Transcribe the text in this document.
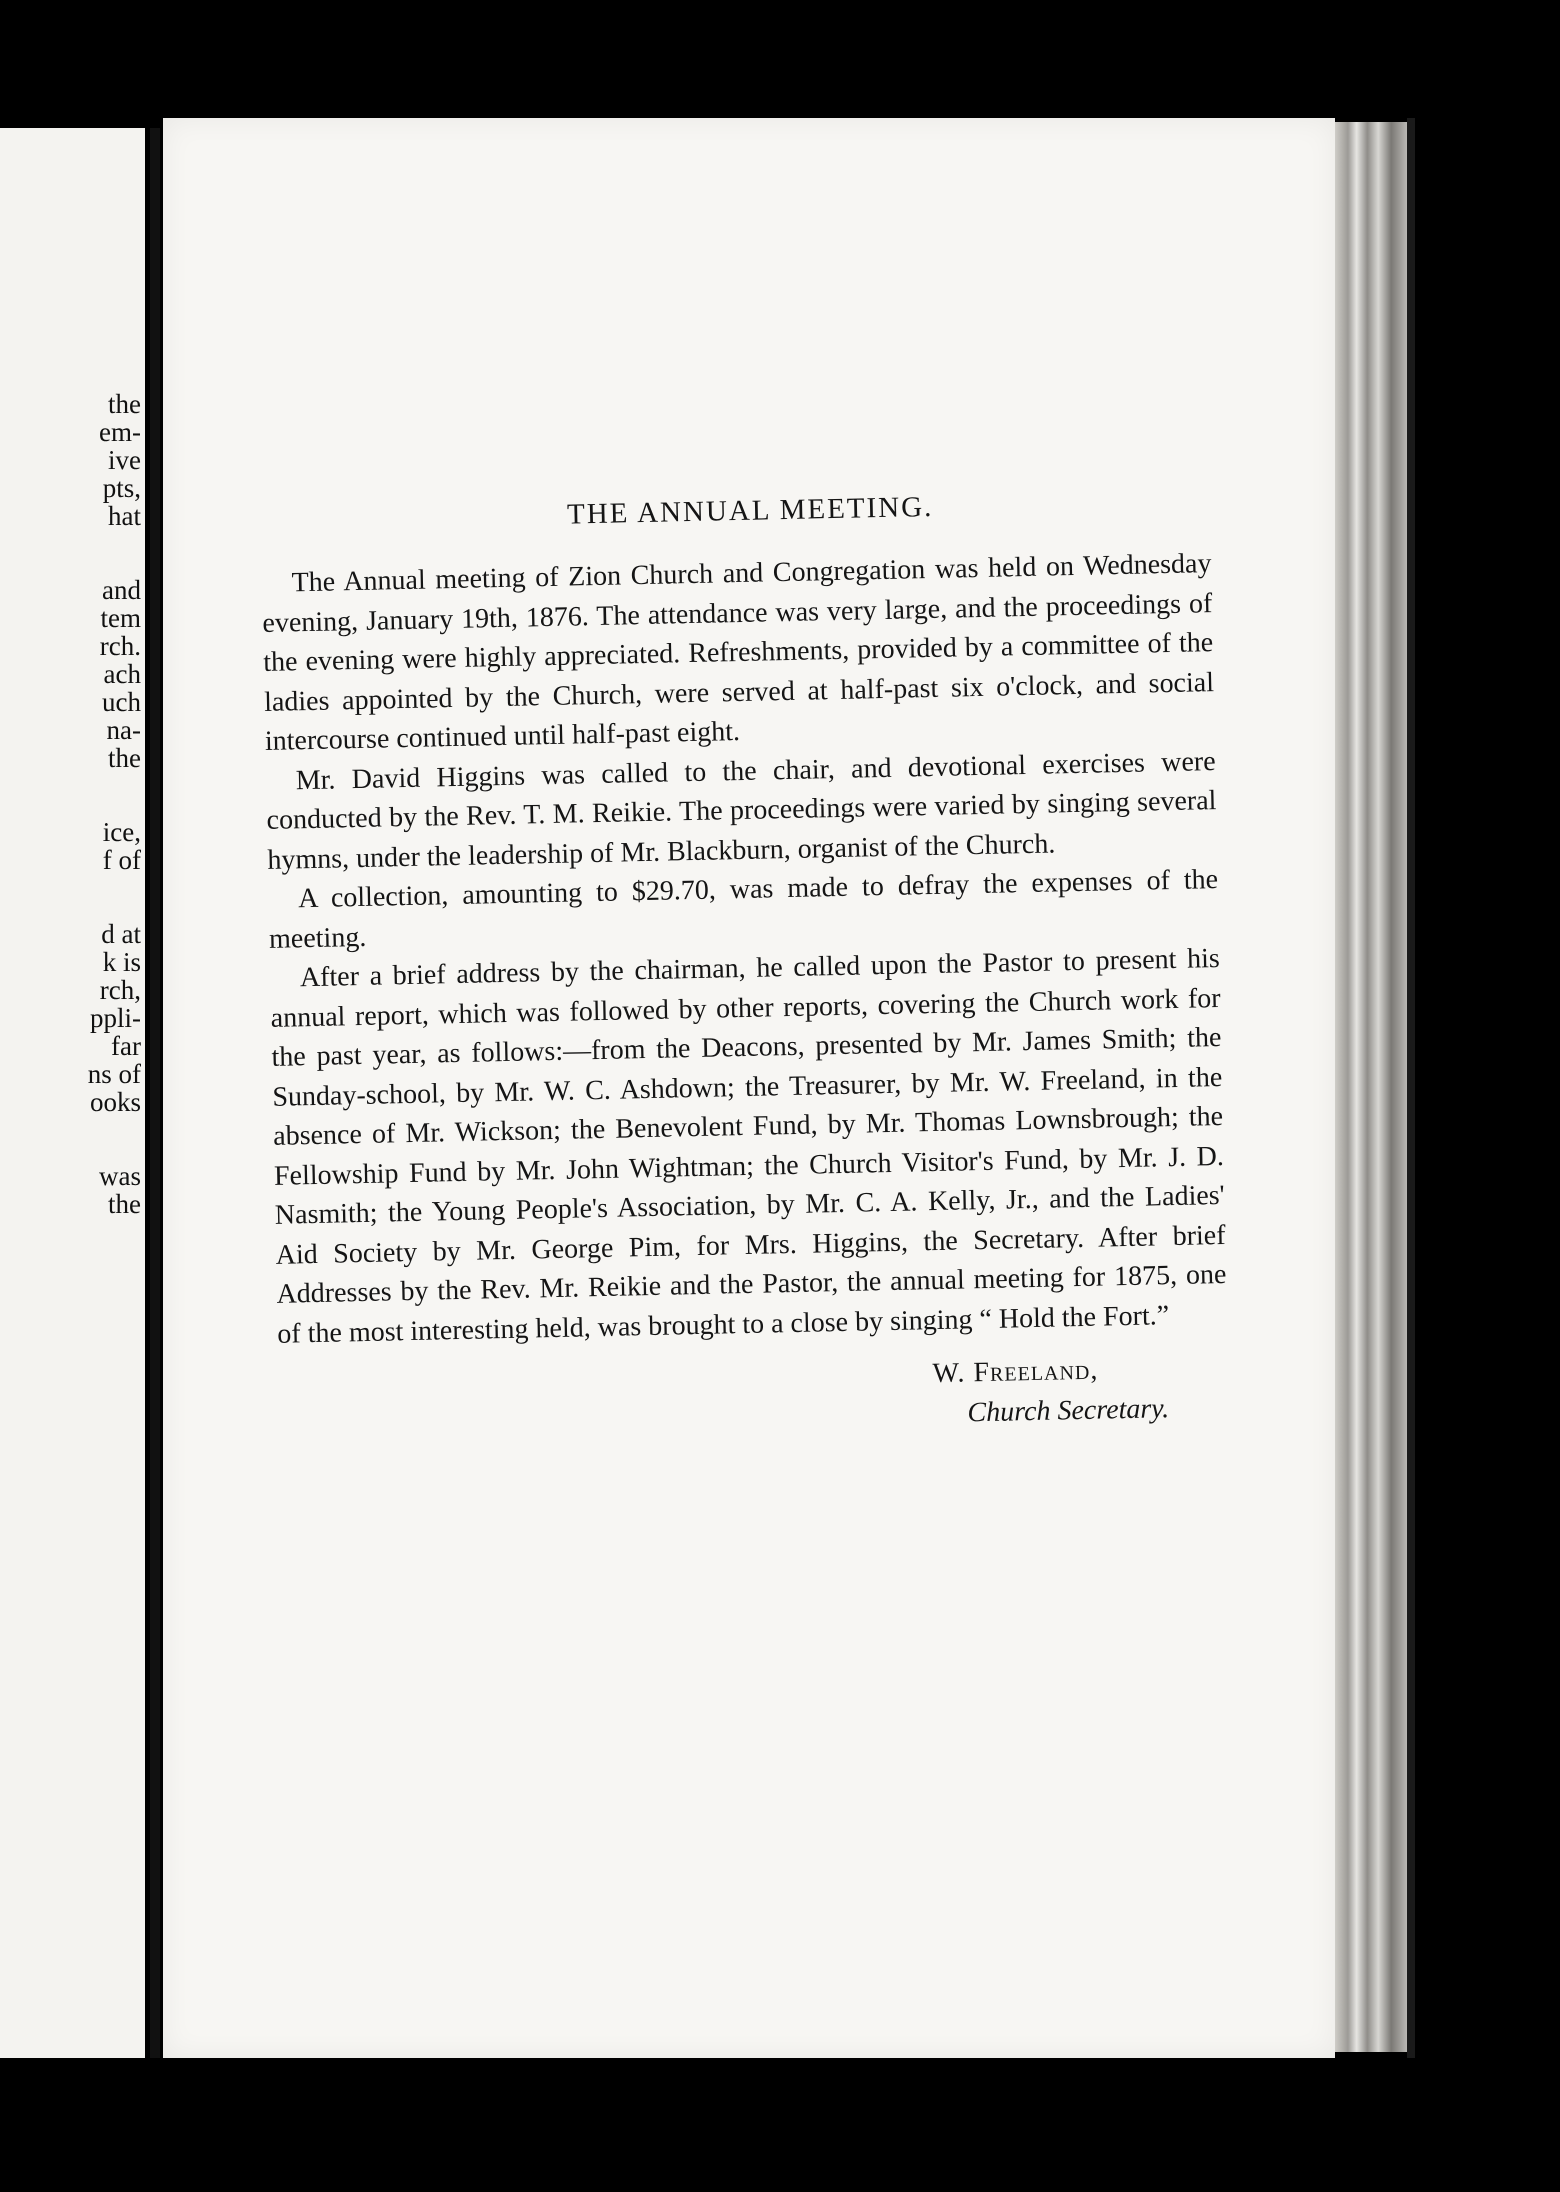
the
em-
ive
pts,
hat
and
tem
rch.
ach
uch
na-
the
ice,
f of
d at
k is
rch,
ppli-
far
ns of
ooks
was
the
THE ANNUAL MEETING.

The Annual meeting of Zion Church and Congregation was held on Wednesday evening, January 19th, 1876. The attendance was very large, and the proceedings of the evening were highly appreciated. Refreshments, provided by a committee of the ladies appointed by the Church, were served at half-past six o'clock, and social intercourse continued until half-past eight.

Mr. David Higgins was called to the chair, and devotional exercises were conducted by the Rev. T. M. Reikie. The proceedings were varied by singing several hymns, under the leadership of Mr. Blackburn, organist of the Church.

A collection, amounting to $29.70, was made to defray the expenses of the meeting.

After a brief address by the chairman, he called upon the Pastor to present his annual report, which was followed by other reports, covering the Church work for the past year, as follows:—from the Deacons, presented by Mr. James Smith; the Sunday-school, by Mr. W. C. Ashdown; the Treasurer, by Mr. W. Freeland, in the absence of Mr. Wickson; the Benevolent Fund, by Mr. Thomas Lownsbrough; the Fellowship Fund by Mr. John Wightman; the Church Visitor's Fund, by Mr. J. D. Nasmith; the Young People's Association, by Mr. C. A. Kelly, Jr., and the Ladies' Aid Society by Mr. George Pim, for Mrs. Higgins, the Secretary. After brief Addresses by the Rev. Mr. Reikie and the Pastor, the annual meeting for 1875, one of the most interesting held, was brought to a close by singing “ Hold the Fort.”

W. Freeland,
Church Secretary.
